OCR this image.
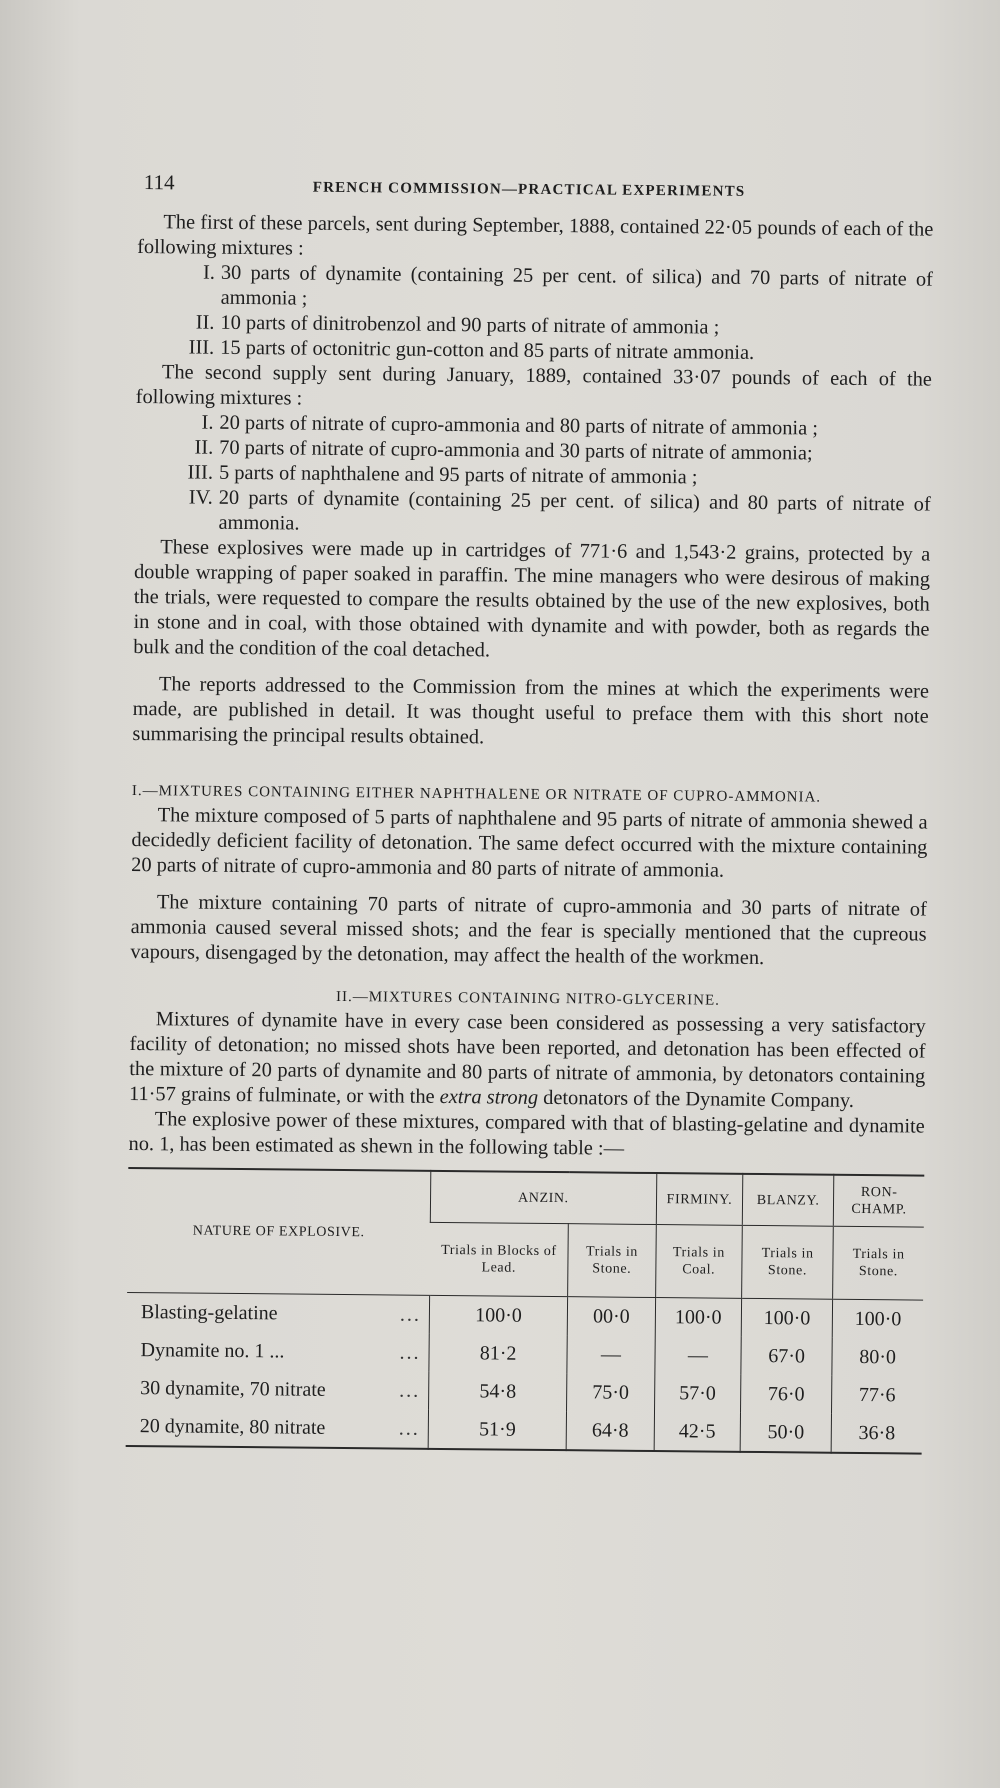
114	FRENCH COMMISSION—PRACTICAL EXPERIMENTS

The first of these parcels, sent during September, 1888, contained 22·05 pounds of each of the following mixtures :

I. 30 parts of dynamite (containing 25 per cent. of silica) and 70 parts of nitrate of ammonia ;
II. 10 parts of dinitrobenzol and 90 parts of nitrate of ammonia ;
III. 15 parts of octonitric gun-cotton and 85 parts of nitrate ammonia.

The second supply sent during January, 1889, contained 33·07 pounds of each of the following mixtures :

I. 20 parts of nitrate of cupro-ammonia and 80 parts of nitrate of ammonia ;
II. 70 parts of nitrate of cupro-ammonia and 30 parts of nitrate of ammonia;
III. 5 parts of naphthalene and 95 parts of nitrate of ammonia ;
IV. 20 parts of dynamite (containing 25 per cent. of silica) and 80 parts of nitrate of ammonia.

These explosives were made up in cartridges of 771·6 and 1,543·2 grains, protected by a double wrapping of paper soaked in paraffin. The mine managers who were desirous of making the trials, were requested to compare the results obtained by the use of the new explosives, both in stone and in coal, with those obtained with dynamite and with powder, both as regards the bulk and the condition of the coal detached.

The reports addressed to the Commission from the mines at which the experiments were made, are published in detail. It was thought useful to preface them with this short note summarising the principal results obtained.

I.—MIXTURES CONTAINING EITHER NAPHTHALENE OR NITRATE OF CUPRO-AMMONIA.

The mixture composed of 5 parts of naphthalene and 95 parts of nitrate of ammonia shewed a decidedly deficient facility of detonation. The same defect occurred with the mixture containing 20 parts of nitrate of cupro-ammonia and 80 parts of nitrate of ammonia.

The mixture containing 70 parts of nitrate of cupro-ammonia and 30 parts of nitrate of ammonia caused several missed shots; and the fear is specially mentioned that the cupreous vapours, disengaged by the detonation, may affect the health of the workmen.

II.—MIXTURES CONTAINING NITRO-GLYCERINE.

Mixtures of dynamite have in every case been considered as possessing a very satisfactory facility of detonation; no missed shots have been reported, and detonation has been effected of the mixture of 20 parts of dynamite and 80 parts of nitrate of ammonia, by detonators containing 11·57 grains of fulminate, or with the extra strong detonators of the Dynamite Company.

The explosive power of these mixtures, compared with that of blasting-gelatine and dynamite no. 1, has been estimated as shewn in the following table :—

NATURE OF EXPLOSIVE.	ANZIN.		FIRMINY.	BLANZY.	RON- CHAMP.
	Trials in Blocks of Lead.	Trials in Stone.	Trials in Coal.	Trials in Stone.	Trials in Stone.
Blasting-gelatine ...	100·0	00·0	100·0	100·0	100·0
Dynamite no. 1 ... ...	81·2	—	—	67·0	80·0
30 dynamite, 70 nitrate ...	54·8	75·0	57·0	76·0	77·6
20 dynamite, 80 nitrate ...	51·9	64·8	42·5	50·0	36·8
